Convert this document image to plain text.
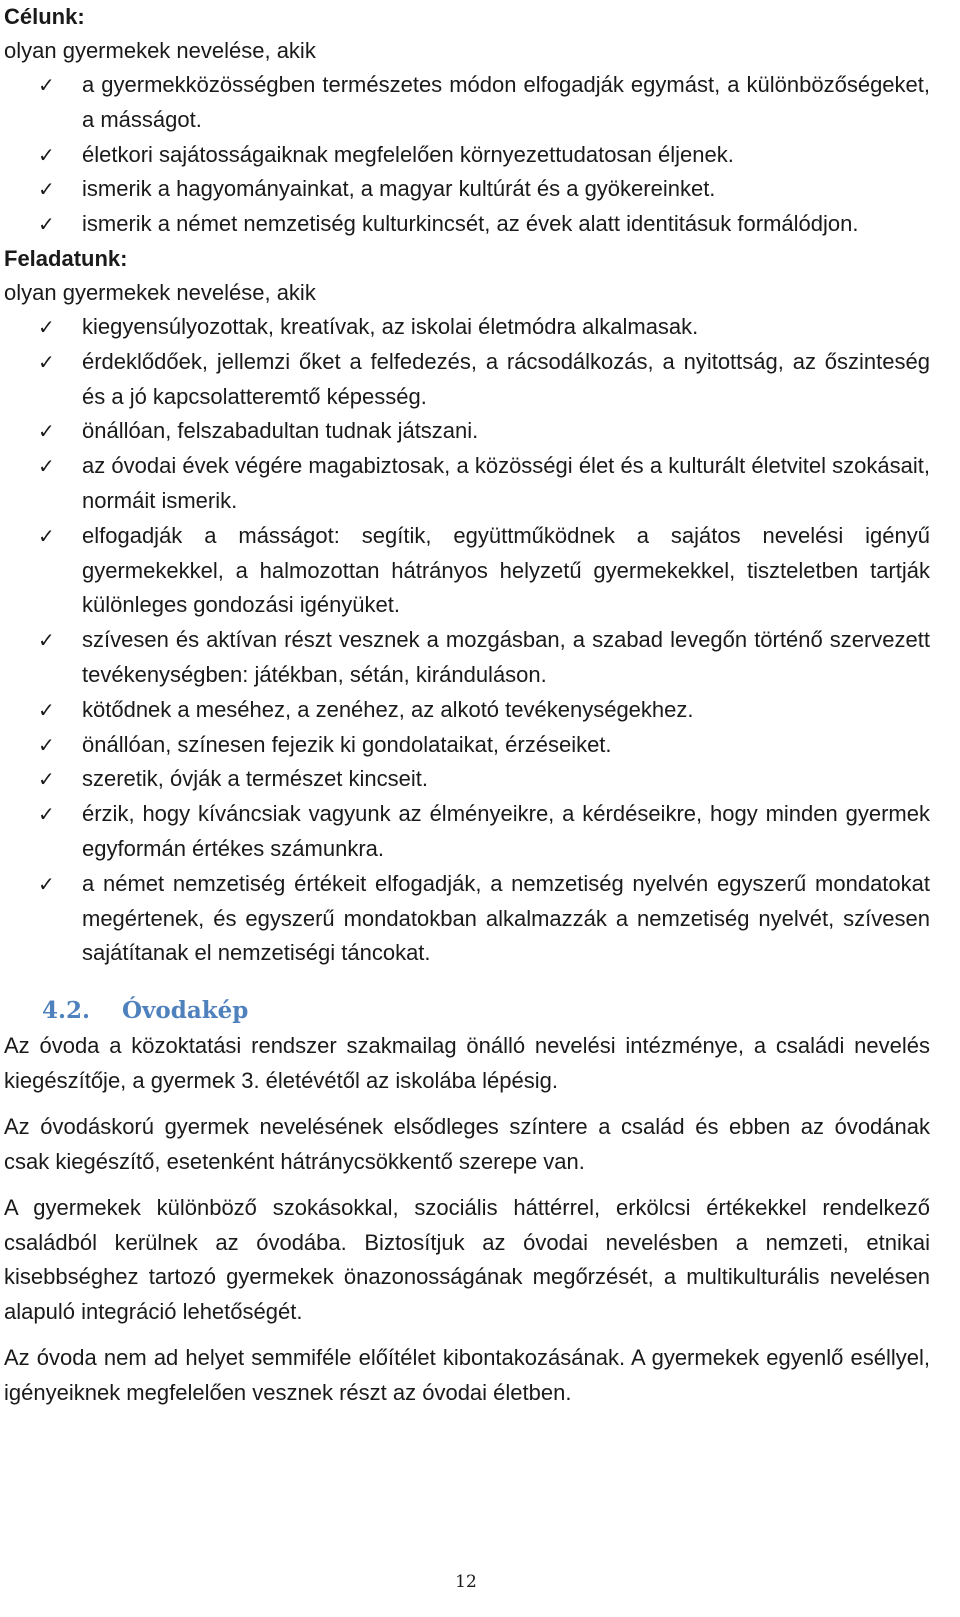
Célunk:

olyan gyermekek nevelése, akik

✓ a gyermekközösségben természetes módon elfogadják egymást, a különbözőségeket, a másságot.
✓ életkori sajátosságaiknak megfelelően környezettudatosan éljenek.
✓ ismerik a hagyományainkat, a magyar kultúrát és a gyökereinket.
✓ ismerik a német nemzetiség kulturkincsét, az évek alatt identitásuk formálódjon.
Feladatunk:

olyan gyermekek nevelése, akik

✓ kiegyensúlyozottak, kreatívak, az iskolai életmódra alkalmasak.
✓ érdeklődőek, jellemzi őket a felfedezés, a rácsodálkozás, a nyitottság, az őszinteség és a jó kapcsolatteremtő képesség.
✓ önállóan, felszabadultan tudnak játszani.
✓ az óvodai évek végére magabiztosak, a közösségi élet és a kulturált életvitel szokásait, normáit ismerik.
✓ elfogadják a másságot: segítik, együttműködnek a sajátos nevelési igényű gyermekekkel, a halmozottan hátrányos helyzetű gyermekekkel, tiszteletben tartják különleges gondozási igényüket.
✓ szívesen és aktívan részt vesznek a mozgásban, a szabad levegőn történő szervezett tevékenységben: játékban, sétán, kiránduláson.
✓ kötődnek a meséhez, a zenéhez, az alkotó tevékenységekhez.
✓ önállóan, színesen fejezik ki gondolataikat, érzéseiket.
✓ szeretik, óvják a természet kincseit.
✓ érzik, hogy kíváncsiak vagyunk az élményeikre, a kérdéseikre, hogy minden gyermek egyformán értékes számunkra.
✓ a német nemzetiség értékeit elfogadják, a nemzetiség nyelvén egyszerű mondatokat megértenek, és egyszerű mondatokban alkalmazzák a nemzetiség nyelvét, szívesen sajátítanak el nemzetiségi táncokat.
4.2.	Óvodakép

Az óvoda a közoktatási rendszer szakmailag önálló nevelési intézménye, a családi nevelés kiegészítője, a gyermek 3. életévétől az iskolába lépésig.

Az óvodáskorú gyermek nevelésének elsődleges színtere a család és ebben az óvodának csak kiegészítő, esetenként hátránycsökkentő szerepe van.

A gyermekek különböző szokásokkal, szociális háttérrel, erkölcsi értékekkel rendelkező családból kerülnek az óvodába. Biztosítjuk az óvodai nevelésben a nemzeti, etnikai kisebbséghez tartozó gyermekek önazonosságának megőrzését, a multikulturális nevelésen alapuló integráció lehetőségét.

Az óvoda nem ad helyet semmiféle előítélet kibontakozásának. A gyermekek egyenlő eséllyel, igényeiknek megfelelően vesznek részt az óvodai életben.

12
